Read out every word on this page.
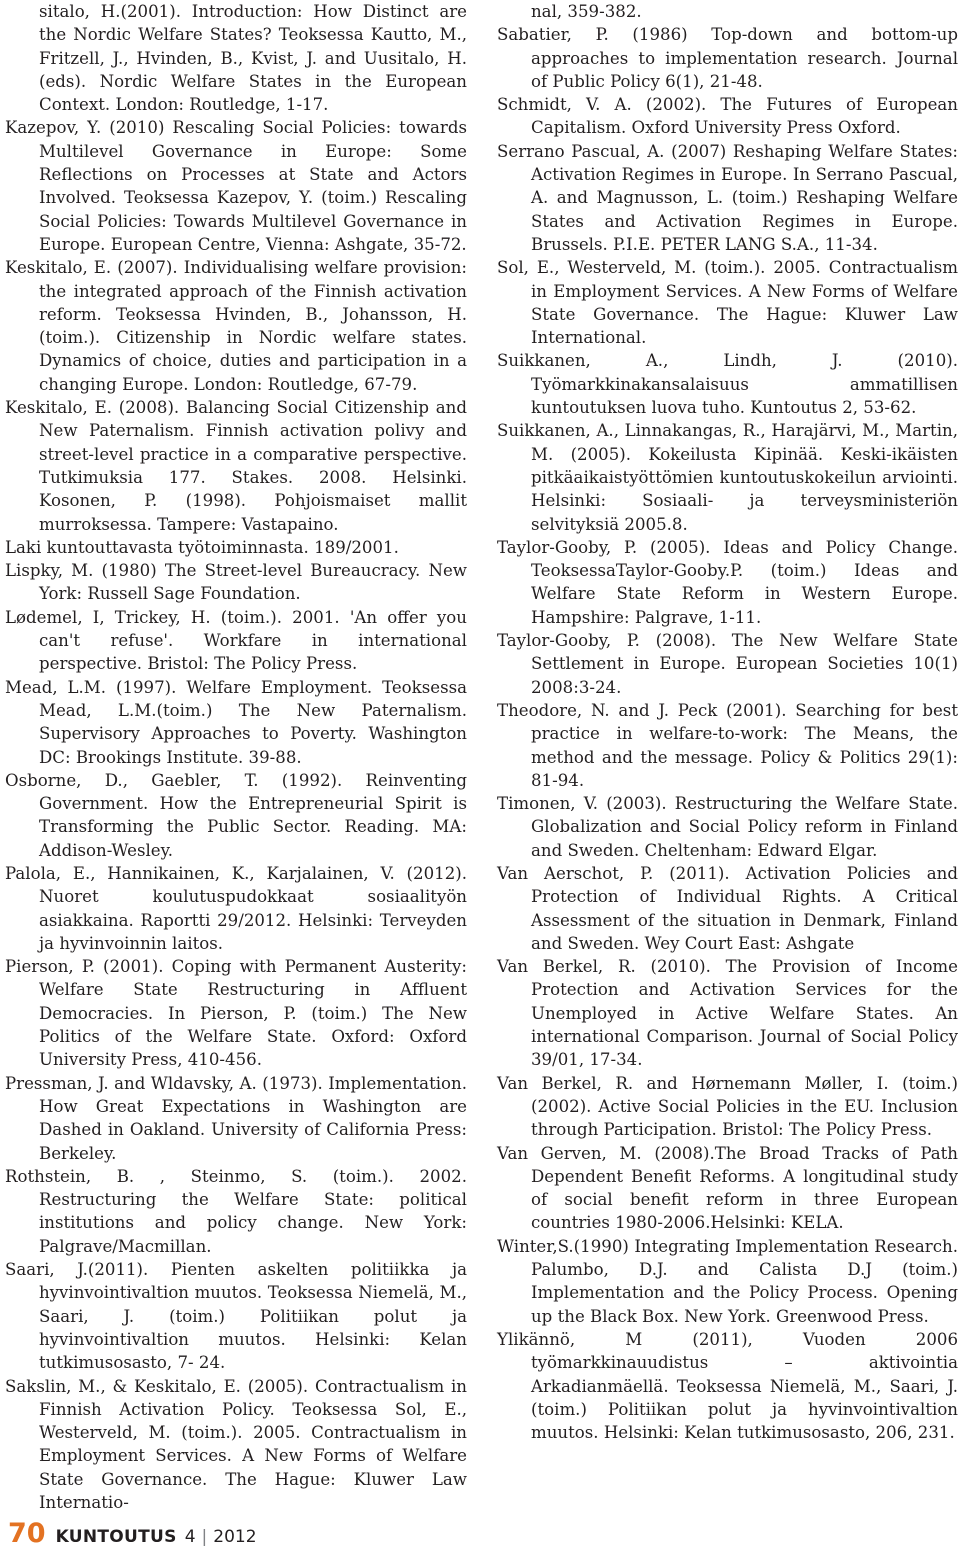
sitalo, H.(2001). Introduction: How Distinct are the Nordic Welfare States? Teoksessa Kautto, M., Fritzell, J., Hvinden, B., Kvist, J. and Uusitalo, H. (eds). Nordic Welfare States in the European Context. London: Routledge, 1-17.

Kazepov, Y. (2010) Rescaling Social Policies: towards Multilevel Governance in Europe: Some Reflections on Processes at State and Actors Involved. Teoksessa Kazepov, Y. (toim.) Rescaling Social Policies: Towards Multilevel Governance in Europe. European Centre, Vienna: Ashgate, 35-72.

Keskitalo, E. (2007). Individualising welfare provision: the integrated approach of the Finnish activation reform. Teoksessa Hvinden, B., Johansson, H. (toim.). Citizenship in Nordic welfare states. Dynamics of choice, duties and participation in a changing Europe. London: Routledge, 67-79.

Keskitalo, E. (2008). Balancing Social Citizenship and New Paternalism. Finnish activation polivy and street-level practice in a comparative perspective. Tutkimuksia 177. Stakes. 2008. Helsinki. Kosonen, P. (1998). Pohjoismaiset mallit murroksessa. Tampere: Vastapaino.

Laki kuntouttavasta työtoiminnasta. 189/2001.

Lispky, M. (1980) The Street-level Bureaucracy. New York: Russell Sage Foundation.

Lødemel, I, Trickey, H. (toim.). 2001. 'An offer you can't refuse'. Workfare in international perspective. Bristol: The Policy Press.

Mead, L.M. (1997). Welfare Employment. Teoksessa Mead, L.M.(toim.) The New Paternalism. Supervisory Approaches to Poverty. Washington DC: Brookings Institute. 39-88.

Osborne, D., Gaebler, T. (1992). Reinventing Government. How the Entrepreneurial Spirit is Transforming the Public Sector. Reading. MA: Addison-Wesley.

Palola, E., Hannikainen, K., Karjalainen, V. (2012). Nuoret koulutuspudokkaat sosiaalityön asiakkaina. Raportti 29/2012. Helsinki: Terveyden ja hyvinvoinnin laitos.

Pierson, P. (2001). Coping with Permanent Austerity: Welfare State Restructuring in Affluent Democracies. In Pierson, P. (toim.) The New Politics of the Welfare State. Oxford: Oxford University Press, 410-456.

Pressman, J. and Wldavsky, A. (1973). Implementation. How Great Expectations in Washington are Dashed in Oakland. University of California Press: Berkeley.

Rothstein, B. , Steinmo, S. (toim.). 2002. Restructuring the Welfare State: political institutions and policy change. New York: Palgrave/Macmillan.

Saari, J.(2011). Pienten askelten politiikka ja hyvinvointivaltion muutos. Teoksessa Niemelä, M., Saari, J. (toim.) Politiikan polut ja hyvinvointivaltion muutos. Helsinki: Kelan tutkimusosasto, 7- 24.

Sakslin, M., & Keskitalo, E. (2005). Contractualism in Finnish Activation Policy. Teoksessa Sol, E., Westerveld, M. (toim.). 2005. Contractualism in Employment Services. A New Forms of Welfare State Governance. The Hague: Kluwer Law Internatio-

nal, 359-382.

Sabatier, P. (1986) Top-down and bottom-up approaches to implementation research. Journal of Public Policy 6(1), 21-48.

Schmidt, V. A. (2002). The Futures of European Capitalism. Oxford University Press Oxford.

Serrano Pascual, A. (2007) Reshaping Welfare States: Activation Regimes in Europe. In Serrano Pascual, A. and Magnusson, L. (toim.) Reshaping Welfare States and Activation Regimes in Europe. Brussels. P.I.E. PETER LANG S.A., 11-34.

Sol, E., Westerveld, M. (toim.). 2005. Contractualism in Employment Services. A New Forms of Welfare State Governance. The Hague: Kluwer Law International.

Suikkanen, A., Lindh, J. (2010). Työmarkkinakansalaisuus ammatillisen kuntoutuksen luova tuho. Kuntoutus 2, 53-62.

Suikkanen, A., Linnakangas, R., Harajärvi, M., Martin, M. (2005). Kokeilusta Kipinää. Keski-ikäisten pitkäaikaistyöttömien kuntoutuskokeilun arviointi. Helsinki: Sosiaali- ja terveysministeriön selvityksiä 2005.8.

Taylor-Gooby, P. (2005). Ideas and Policy Change. TeoksessaTaylor-Gooby.P. (toim.) Ideas and Welfare State Reform in Western Europe. Hampshire: Palgrave, 1-11.

Taylor-Gooby, P. (2008). The New Welfare State Settlement in Europe. European Societies 10(1) 2008:3-24.

Theodore, N. and J. Peck (2001). Searching for best practice in welfare-to-work: The Means, the method and the message. Policy & Politics 29(1): 81-94.

Timonen, V. (2003). Restructuring the Welfare State. Globalization and Social Policy reform in Finland and Sweden. Cheltenham: Edward Elgar.

Van Aerschot, P. (2011). Activation Policies and Protection of Individual Rights. A Critical Assessment of the situation in Denmark, Finland and Sweden. Wey Court East: Ashgate

Van Berkel, R. (2010). The Provision of Income Protection and Activation Services for the Unemployed in Active Welfare States. An international Comparison. Journal of Social Policy 39/01, 17-34.

Van Berkel, R. and Hørnemann Møller, I. (toim.) (2002). Active Social Policies in the EU. Inclusion through Participation. Bristol: The Policy Press.

Van Gerven, M. (2008).The Broad Tracks of Path Dependent Benefit Reforms. A longitudinal study of social benefit reform in three European countries 1980-2006.Helsinki: KELA.

Winter,S.(1990) Integrating Implementation Research. Palumbo, D.J. and Calista D.J (toim.) Implementation and the Policy Process. Opening up the Black Box. New York. Greenwood Press.

Ylikännö, M (2011), Vuoden 2006 työmarkkinauudistus – aktivointia Arkadianmäellä. Teoksessa Niemelä, M., Saari, J. (toim.) Politiikan polut ja hyvinvointivaltion muutos. Helsinki: Kelan tutkimusosasto, 206, 231.

70 KUNTOUTUS 4 | 2012
